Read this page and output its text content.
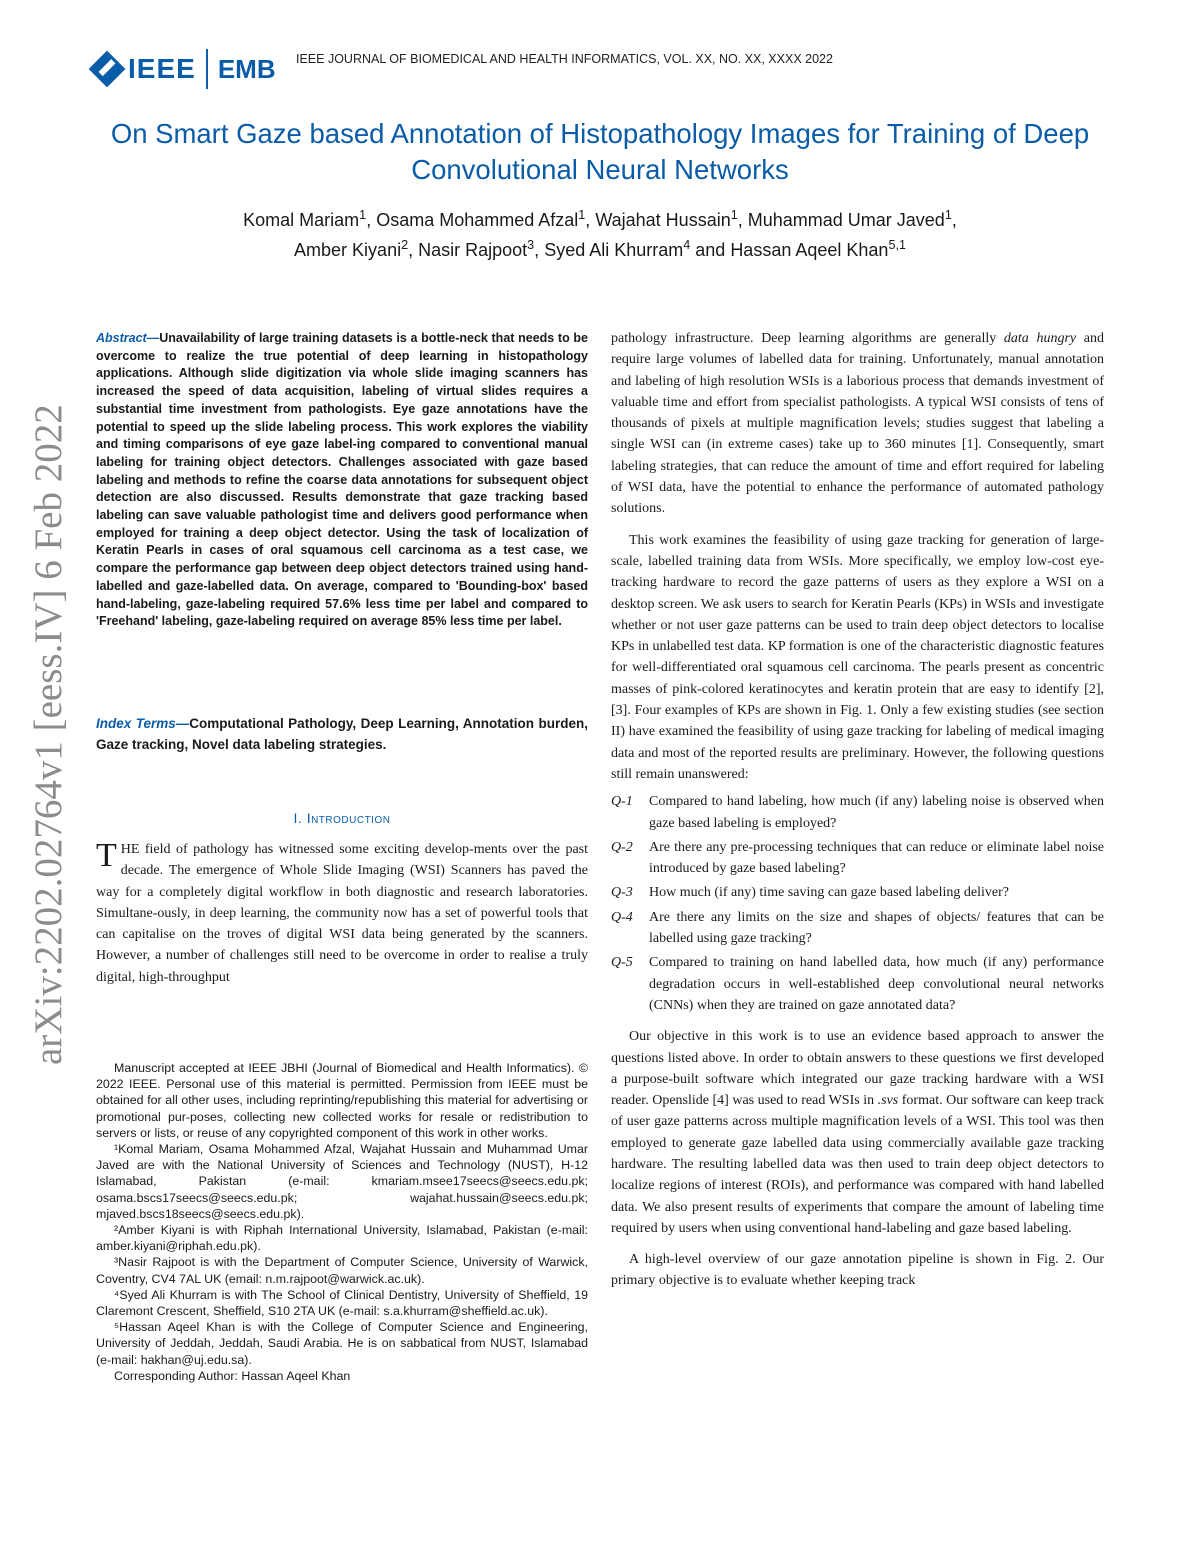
IEEE EMB IEEE JOURNAL OF BIOMEDICAL AND HEALTH INFORMATICS, VOL. XX, NO. XX, XXXX 2022
arXiv:2202.02764v1 [eess.IV] 6 Feb 2022
On Smart Gaze based Annotation of Histopathology Images for Training of Deep Convolutional Neural Networks
Komal Mariam$^1$, Osama Mohammed Afzal$^1$, Wajahat Hussain$^1$, Muhammad Umar Javed$^1$,
Amber Kiyani$^2$, Nasir Rajpoot$^3$, Syed Ali Khurram$^4$ and Hassan Aqeel Khan$^{5,1}$
Abstract—Unavailability of large training datasets is a bottle-neck that needs to be overcome to realize the true potential of deep learning in histopathology applications. Although slide digitization via whole slide imaging scanners has increased the speed of data acquisition, labeling of virtual slides requires a substantial time investment from pathologists. Eye gaze annotations have the potential to speed up the slide labeling process. This work explores the viability and timing comparisons of eye gaze label-ing compared to conventional manual labeling for training object detectors. Challenges associated with gaze based labeling and methods to refine the coarse data annotations for subsequent object detection are also discussed. Results demonstrate that gaze tracking based labeling can save valuable pathologist time and delivers good performance when employed for training a deep object detector. Using the task of localization of Keratin Pearls in cases of oral squamous cell carcinoma as a test case, we compare the performance gap between deep object detectors trained using hand-labelled and gaze-labelled data. On average, compared to 'Bounding-box' based hand-labeling, gaze-labeling required 57.6% less time per label and compared to 'Freehand' labeling, gaze-labeling required on average 85% less time per label.
Index Terms—Computational Pathology, Deep Learning, Annotation burden, Gaze tracking, Novel data labeling strategies.
I. Introduction
THE field of pathology has witnessed some exciting develop-ments over the past decade. The emergence of Whole Slide Imaging (WSI) Scanners has paved the way for a completely digital workflow in both diagnostic and research laboratories. Simultane-ously, in deep learning, the community now has a set of powerful tools that can capitalise on the troves of digital WSI data being generated by the scanners. However, a number of challenges still need to be overcome in order to realise a truly digital, high-throughput

Manuscript accepted at IEEE JBHI (Journal of Biomedical and Health Informatics). © 2022 IEEE. Personal use of this material is permitted. Permission from IEEE must be obtained for all other uses, including reprinting/republishing this material for advertising or promotional pur-poses, collecting new collected works for resale or redistribution to servers or lists, or reuse of any copyrighted component of this work in other works.

¹Komal Mariam, Osama Mohammed Afzal, Wajahat Hussain and Muhammad Umar Javed are with the National University of Sciences and Technology (NUST), H-12 Islamabad, Pakistan (e-mail: kmariam.msee17seecs@seecs.edu.pk; osama.bscs17seecs@seecs.edu.pk; wajahat.hussain@seecs.edu.pk; mjaved.bscs18seecs@seecs.edu.pk).

²Amber Kiyani is with Riphah International University, Islamabad, Pakistan (e-mail: amber.kiyani@riphah.edu.pk).

³Nasir Rajpoot is with the Department of Computer Science, University of Warwick, Coventry, CV4 7AL UK (email: n.m.rajpoot@warwick.ac.uk).

⁴Syed Ali Khurram is with The School of Clinical Dentistry, University of Sheffield, 19 Claremont Crescent, Sheffield, S10 2TA UK (e-mail: s.a.khurram@sheffield.ac.uk).

⁵Hassan Aqeel Khan is with the College of Computer Science and Engineering, University of Jeddah, Jeddah, Saudi Arabia. He is on sabbatical from NUST, Islamabad (e-mail: hakhan@uj.edu.sa).

Corresponding Author: Hassan Aqeel Khan

pathology infrastructure. Deep learning algorithms are generally data hungry and require large volumes of labelled data for training. Unfortunately, manual annotation and labeling of high resolution WSIs is a laborious process that demands investment of valuable time and effort from specialist pathologists. A typical WSI consists of tens of thousands of pixels at multiple magnification levels; studies suggest that labeling a single WSI can (in extreme cases) take up to 360 minutes [1]. Consequently, smart labeling strategies, that can reduce the amount of time and effort required for labeling of WSI data, have the potential to enhance the performance of automated pathology solutions.

This work examines the feasibility of using gaze tracking for generation of large-scale, labelled training data from WSIs. More specifically, we employ low-cost eye-tracking hardware to record the gaze patterns of users as they explore a WSI on a desktop screen. We ask users to search for Keratin Pearls (KPs) in WSIs and investigate whether or not user gaze patterns can be used to train deep object detectors to localise KPs in unlabelled test data. KP formation is one of the characteristic diagnostic features for well-differentiated oral squamous cell carcinoma. The pearls present as concentric masses of pink-colored keratinocytes and keratin protein that are easy to identify [2], [3]. Four examples of KPs are shown in Fig. 1. Only a few existing studies (see section II) have examined the feasibility of using gaze tracking for labeling of medical imaging data and most of the reported results are preliminary. However, the following questions still remain unanswered:

Q-1	Compared to hand labeling, how much (if any) labeling noise is observed when gaze based labeling is employed?
Q-2	Are there any pre-processing techniques that can reduce or eliminate label noise introduced by gaze based labeling?
Q-3	How much (if any) time saving can gaze based labeling deliver?
Q-4	Are there any limits on the size and shapes of objects/ features that can be labelled using gaze tracking?
Q-5	Compared to training on hand labelled data, how much (if any) performance degradation occurs in well-established deep convolutional neural networks (CNNs) when they are trained on gaze annotated data?

Our objective in this work is to use an evidence based approach to answer the questions listed above. In order to obtain answers to these questions we first developed a purpose-built software which integrated our gaze tracking hardware with a WSI reader. Openslide [4] was used to read WSIs in .svs format. Our software can keep track of user gaze patterns across multiple magnification levels of a WSI. This tool was then employed to generate gaze labelled data using commercially available gaze tracking hardware. The resulting labelled data was then used to train deep object detectors to localize regions of interest (ROIs), and performance was compared with hand labelled data. We also present results of experiments that compare the amount of labeling time required by users when using conventional hand-labeling and gaze based labeling.

A high-level overview of our gaze annotation pipeline is shown in Fig. 2. Our primary objective is to evaluate whether keeping track
